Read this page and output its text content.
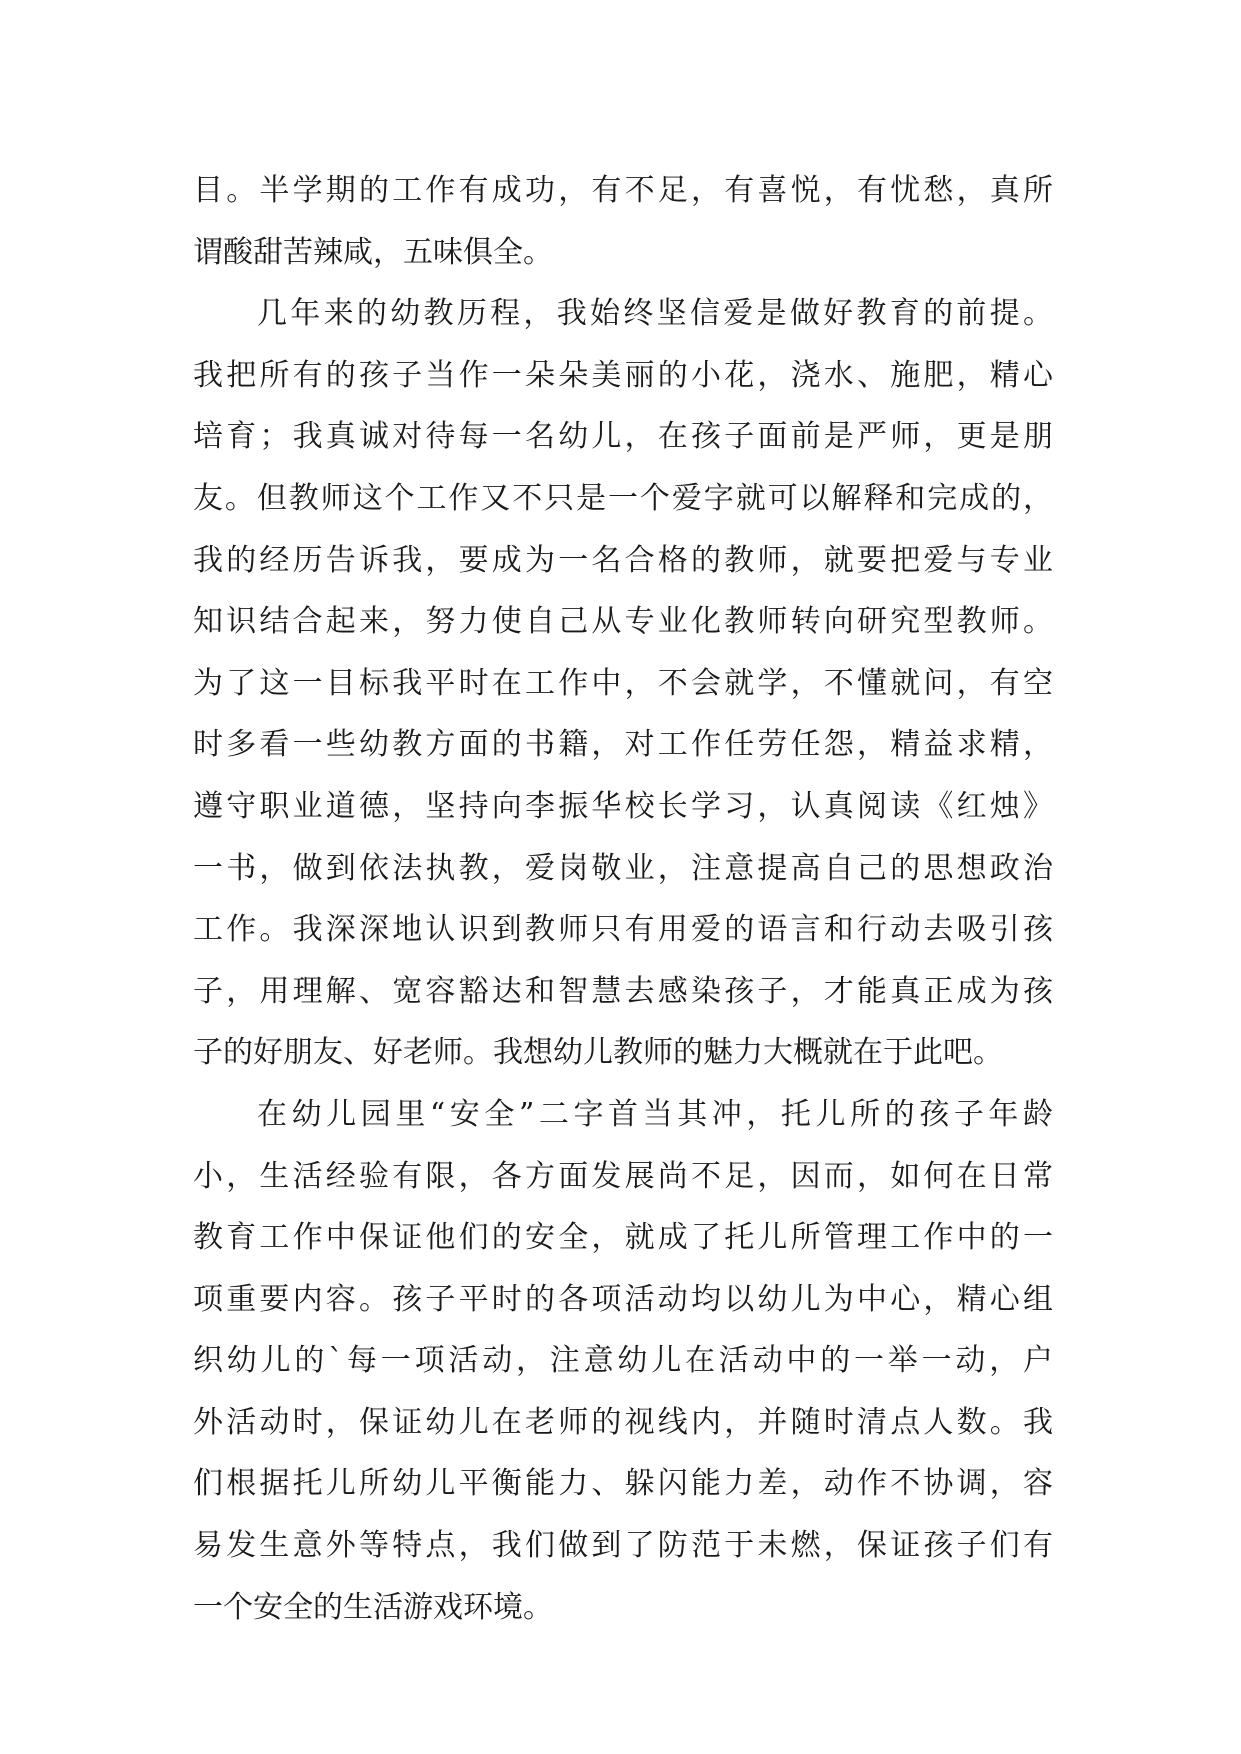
目。半学期的工作有成功，有不足，有喜悦，有忧愁，真所
谓酸甜苦辣咸，五味俱全。
几年来的幼教历程，我始终坚信爱是做好教育的前提。
我把所有的孩子当作一朵朵美丽的小花，浇水、施肥，精心
培育；我真诚对待每一名幼儿，在孩子面前是严师，更是朋
友。但教师这个工作又不只是一个爱字就可以解释和完成的，
我的经历告诉我，要成为一名合格的教师，就要把爱与专业
知识结合起来，努力使自己从专业化教师转向研究型教师。
为了这一目标我平时在工作中，不会就学，不懂就问，有空
时多看一些幼教方面的书籍，对工作任劳任怨，精益求精，
遵守职业道德，坚持向李振华校长学习，认真阅读《红烛》
一书，做到依法执教，爱岗敬业，注意提高自己的思想政治
工作。我深深地认识到教师只有用爱的语言和行动去吸引孩
子，用理解、宽容豁达和智慧去感染孩子，才能真正成为孩
子的好朋友、好老师。我想幼儿教师的魅力大概就在于此吧。
在幼儿园里“安全”二字首当其冲，托儿所的孩子年龄
小，生活经验有限，各方面发展尚不足，因而，如何在日常
教育工作中保证他们的安全，就成了托儿所管理工作中的一
项重要内容。孩子平时的各项活动均以幼儿为中心，精心组
织幼儿的`每一项活动，注意幼儿在活动中的一举一动，户
外活动时，保证幼儿在老师的视线内，并随时清点人数。我
们根据托儿所幼儿平衡能力、躲闪能力差，动作不协调，容
易发生意外等特点，我们做到了防范于未燃，保证孩子们有
一个安全的生活游戏环境。
